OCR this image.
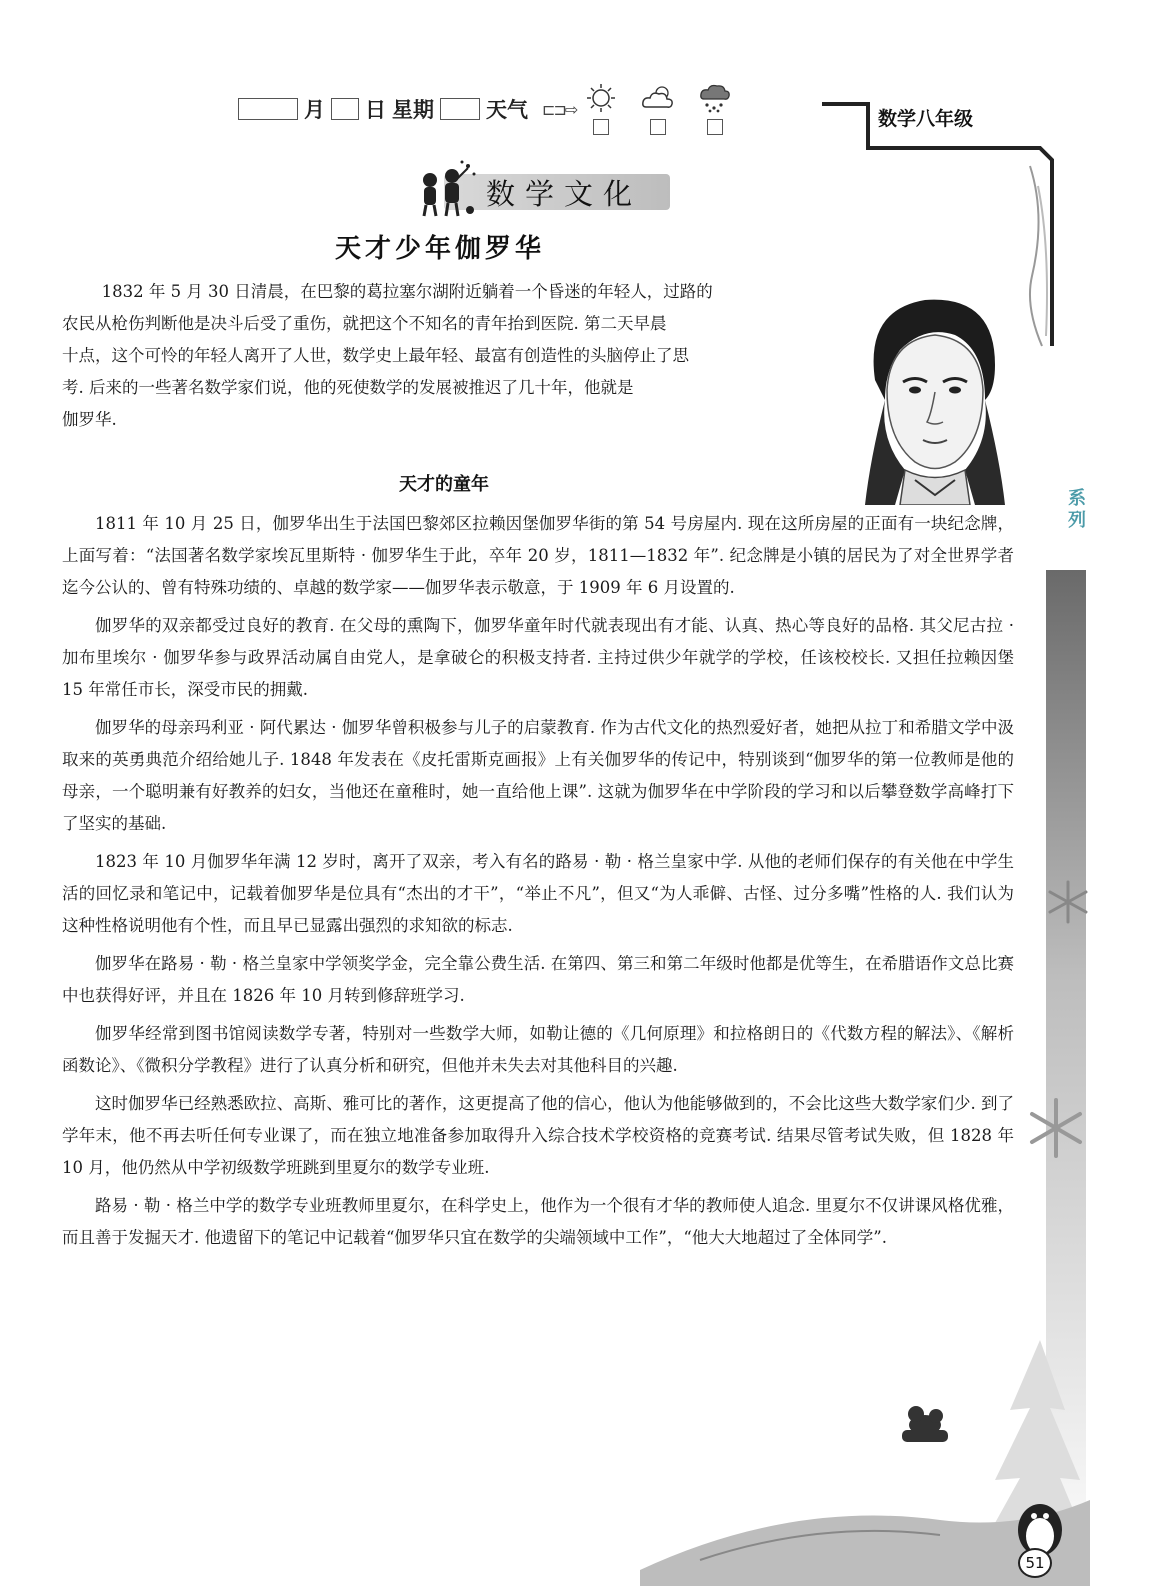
月 日 星期 天气 ⊏⊐⇨	数学八年级
数学文化
天才少年伽罗华
1832 年 5 月 30 日清晨，在巴黎的葛拉塞尔湖附近躺着一个昏迷的年轻人，过路的
农民从枪伤判断他是决斗后受了重伤，就把这个不知名的青年抬到医院. 第二天早晨
十点，这个可怜的年轻人离开了人世，数学史上最年轻、最富有创造性的头脑停止了思
考. 后来的一些著名数学家们说，他的死使数学的发展被推迟了几十年，他就是
伽罗华.
天才的童年

1811 年 10 月 25 日，伽罗华出生于法国巴黎郊区拉赖因堡伽罗华街的第 54 号房屋内. 现在这所房屋的正面有一块纪念牌，上面写着：“法国著名数学家埃瓦里斯特 · 伽罗华生于此，卒年 20 岁，1811—1832 年”. 纪念牌是小镇的居民为了对全世界学者迄今公认的、曾有特殊功绩的、卓越的数学家——伽罗华表示敬意，于 1909 年 6 月设置的.

伽罗华的双亲都受过良好的教育. 在父母的熏陶下，伽罗华童年时代就表现出有才能、认真、热心等良好的品格. 其父尼古拉 · 加布里埃尔 · 伽罗华参与政界活动属自由党人，是拿破仑的积极支持者. 主持过供少年就学的学校，任该校校长. 又担任拉赖因堡 15 年常任市长，深受市民的拥戴.

伽罗华的母亲玛利亚 · 阿代累达 · 伽罗华曾积极参与儿子的启蒙教育. 作为古代文化的热烈爱好者，她把从拉丁和希腊文学中汲取来的英勇典范介绍给她儿子. 1848 年发表在《皮托雷斯克画报》上有关伽罗华的传记中，特别谈到“伽罗华的第一位教师是他的母亲，一个聪明兼有好教养的妇女，当他还在童稚时，她一直给他上课”. 这就为伽罗华在中学阶段的学习和以后攀登数学高峰打下了坚实的基础.

1823 年 10 月伽罗华年满 12 岁时，离开了双亲，考入有名的路易 · 勒 · 格兰皇家中学. 从他的老师们保存的有关他在中学生活的回忆录和笔记中，记载着伽罗华是位具有“杰出的才干”，“举止不凡”，但又“为人乖僻、古怪、过分多嘴”性格的人. 我们认为这种性格说明他有个性，而且早已显露出强烈的求知欲的标志.

伽罗华在路易 · 勒 · 格兰皇家中学领奖学金，完全靠公费生活. 在第四、第三和第二年级时他都是优等生，在希腊语作文总比赛中也获得好评，并且在 1826 年 10 月转到修辞班学习.

伽罗华经常到图书馆阅读数学专著，特别对一些数学大师，如勒让德的《几何原理》和拉格朗日的《代数方程的解法》、《解析函数论》、《微积分学教程》进行了认真分析和研究，但他并未失去对其他科目的兴趣.

这时伽罗华已经熟悉欧拉、高斯、雅可比的著作，这更提高了他的信心，他认为他能够做到的，不会比这些大数学家们少. 到了学年末，他不再去听任何专业课了，而在独立地准备参加取得升入综合技术学校资格的竞赛考试. 结果尽管考试失败，但 1828 年 10 月，他仍然从中学初级数学班跳到里夏尔的数学专业班.

路易 · 勒 · 格兰中学的数学专业班教师里夏尔，在科学史上，他作为一个很有才华的教师使人追念. 里夏尔不仅讲课风格优雅，而且善于发掘天才. 他遗留下的笔记中记载着“伽罗华只宜在数学的尖端领域中工作”，“他大大地超过了全体同学”.

系列
51
